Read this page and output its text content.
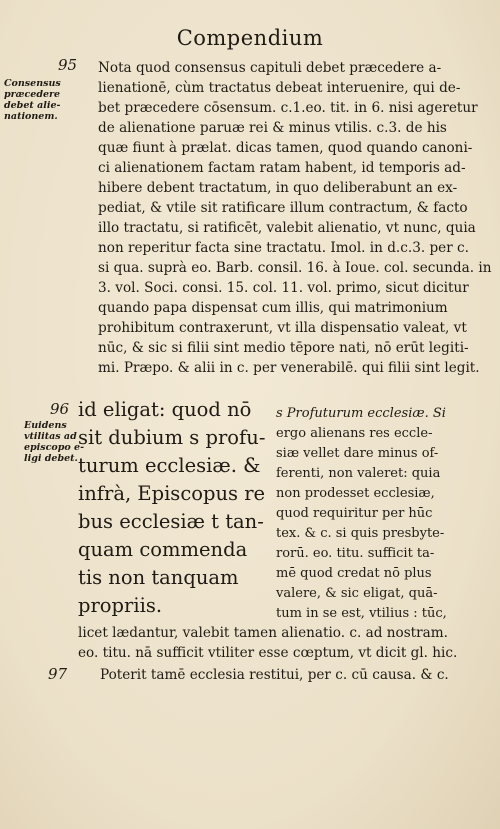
Compendium
95
Consensus
præcedere
debet alie-
nationem.
Nota quod consensus capituli debet præcedere a-
lienationē, cùm tractatus debeat interuenire, qui de-
bet præcedere cōsensum. c.1.eo. tit. in 6. nisi ageretur
de alienatione paruæ rei & minus vtilis. c.3. de his
quæ fiunt à prælat. dicas tamen, quod quando canoni-
ci alienationem factam ratam habent, id temporis ad-
hibere debent tractatum, in quo deliberabunt an ex-
pediat, & vtile sit ratificare illum contractum, & facto
illo tractatu, si ratificēt, valebit alienatio, vt nunc, quia
non reperitur facta sine tractatu. Imol. in d.c.3. per c.
si qua. suprà eo. Barb. consil. 16. à Ioue. col. secunda. in
3. vol. Soci. consi. 15. col. 11. vol. primo, sicut dicitur
quando papa dispensat cum illis, qui matrimonium
prohibitum contraxerunt, vt illa dispensatio valeat, vt
nūc, & sic si filii sint medio tēpore nati, nō erūt legiti-
mi. Præpo. & alii in c. per venerabilē. qui filii sint legit.
96
Euidens
vtilitas ad
episcopo e-
ligi debet.
id eligat: quod nō
sit dubium s profu-
turum ecclesiæ. &
infrà, Episcopus re
bus ecclesiæ t tan-
quam commenda
tis non tanquam
propriis.
s Profuturum ecclesiæ. Si
ergo alienans res eccle-
siæ vellet dare minus of-
ferenti, non valeret: quia
non prodesset ecclesiæ,
quod requiritur per hūc
tex. & c. si quis presbyte-
rorū. eo. titu. sufficit ta-
mē quod credat nō plus
valere, & sic eligat, quā-
tum in se est, vtilius : tūc,
licet lædantur, valebit tamen alienatio. c. ad nostram.
eo. titu. nā sufficit vtiliter esse cœptum, vt dicit gl. hic.
97 Poterit tamē ecclesia restitui, per c. cū causa. & c.
